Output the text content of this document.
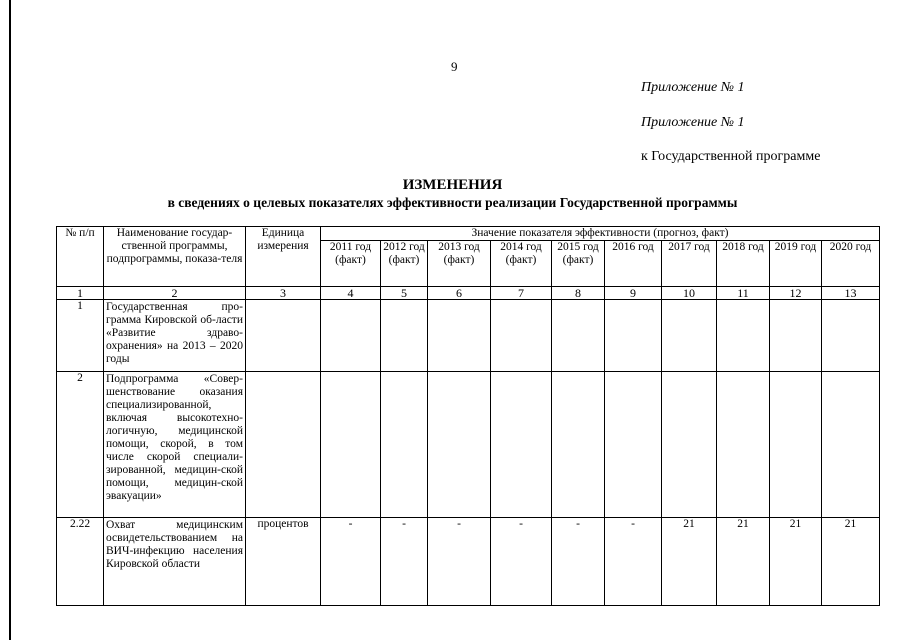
9
Приложение № 1
Приложение № 1
к Государственной программе
ИЗМЕНЕНИЯ
в сведениях о целевых показателях эффективности реализации Государственной программы
№ п/п	Наименование государ-ственной программы, подпрограммы, показа-теля	Единица измерения	Значение показателя эффективности (прогноз, факт)									
			2011 год (факт)	2012 год (факт)	2013 год (факт)	2014 год (факт)	2015 год (факт)	2016 год	2017 год	2018 год	2019 год	2020 год
1	2	3	4	5	6	7	8	9	10	11	12	13
1	Государственная про-грамма Кировской об-ласти «Развитие здраво-охранения» на 2013 – 2020 годы											
2	Подпрограмма «Совер-шенствование оказания специализированной, включая высокотехно-логичную, медицинской помощи, скорой, в том числе скорой специали-зированной, медицин-ской помощи, медицин-ской эвакуации»											
2.22	Охват медицинским освидетельствованием на ВИЧ-инфекцию населения Кировской области	процентов	-	-	-	-	-	-	21	21	21	21
